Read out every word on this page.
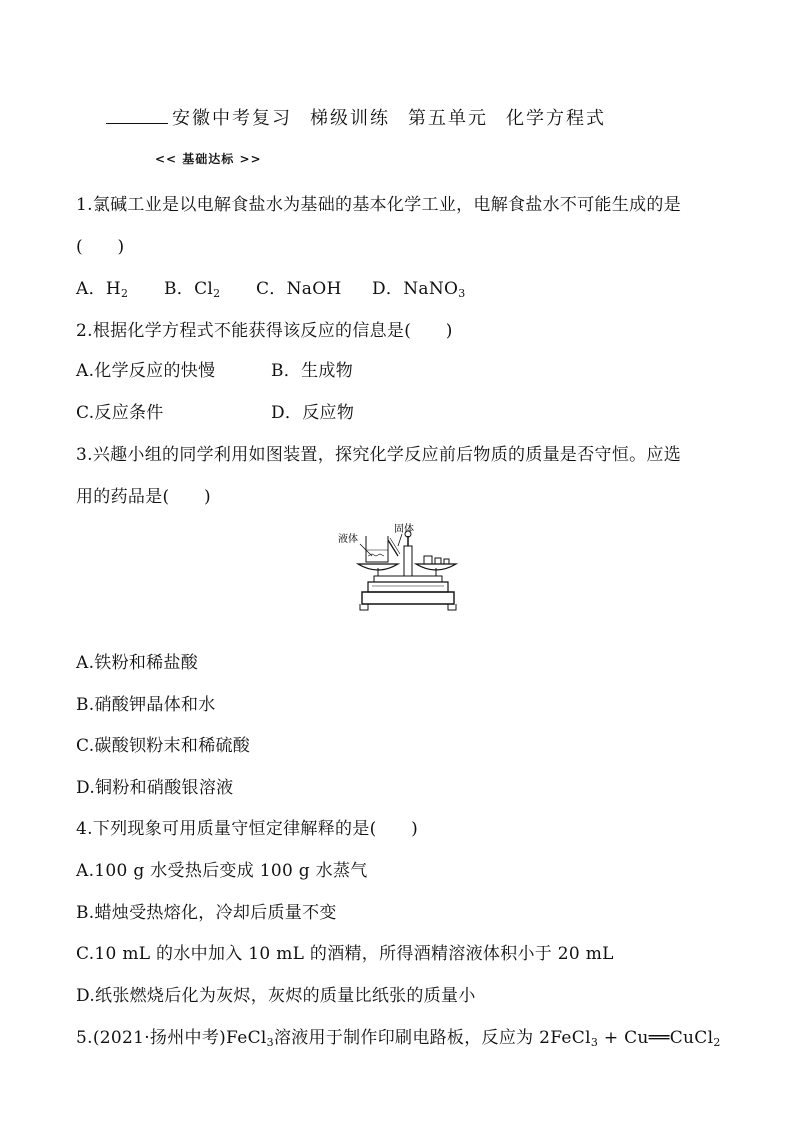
安徽中考复习 梯级训练 第五单元 化学方程式
<< 基础达标 >>
1.氯碱工业是以电解食盐水为基础的基本化学工业，电解食盐水不可能生成的是
(　　)
A．$H_2$ B．$Cl_2$ C．NaOH D．NaNO$_3$
2.根据化学方程式不能获得该反应的信息是(　　)
A.化学反应的快慢	B．生成物
C.反应条件	D．反应物
3.兴趣小组的同学利用如图装置，探究化学反应前后物质的质量是否守恒。应选
用的药品是(　　)
液体
固体
A.铁粉和稀盐酸
B.硝酸钾晶体和水
C.碳酸钡粉末和稀硫酸
D.铜粉和硝酸银溶液
4.下列现象可用质量守恒定律解释的是(　　)
A.100 g 水受热后变成 100 g 水蒸气
B.蜡烛受热熔化，冷却后质量不变
C.10 mL 的水中加入 10 mL 的酒精，所得酒精溶液体积小于 20 mL
D.纸张燃烧后化为灰烬，灰烬的质量比纸张的质量小
5.(2021·扬州中考)FeCl$_3$溶液用于制作印刷电路板，反应为 2FeCl$_3$ + Cu══CuCl$_2$
